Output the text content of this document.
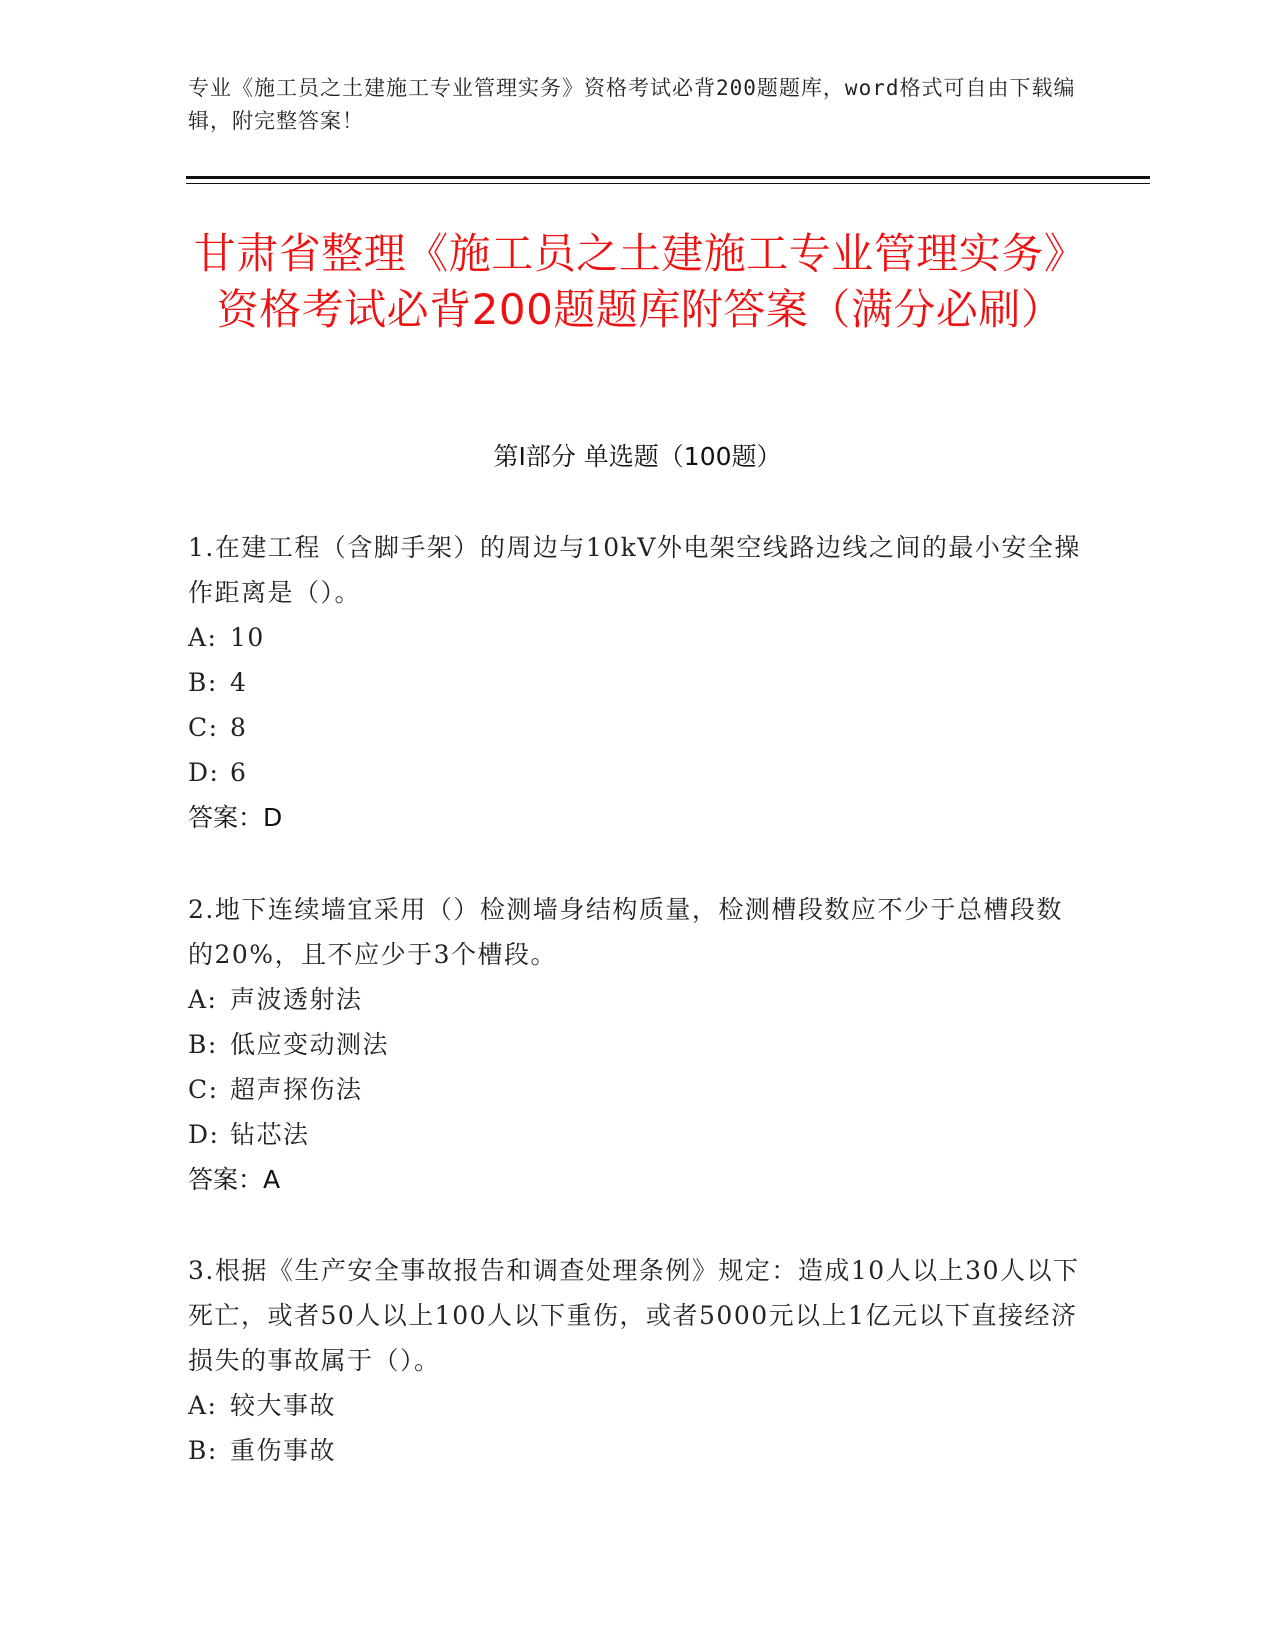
专业《施工员之土建施工专业管理实务》资格考试必背200题题库，word格式可自由下载编辑，附完整答案！
甘肃省整理《施工员之土建施工专业管理实务》资格考试必背200题题库附答案（满分必刷）
第Ⅰ部分 单选题（100题）
1.在建工程（含脚手架）的周边与10kV外电架空线路边线之间的最小安全操作距离是（）。
A: 10
B: 4
C: 8
D: 6
答案：D
2.地下连续墙宜采用（）检测墙身结构质量，检测槽段数应不少于总槽段数的20%，且不应少于3个槽段。
A: 声波透射法
B: 低应变动测法
C: 超声探伤法
D: 钻芯法
答案：A
3.根据《生产安全事故报告和调查处理条例》规定：造成10人以上30人以下死亡，或者50人以上100人以下重伤，或者5000元以上1亿元以下直接经济损失的事故属于（）。
A: 较大事故
B: 重伤事故
